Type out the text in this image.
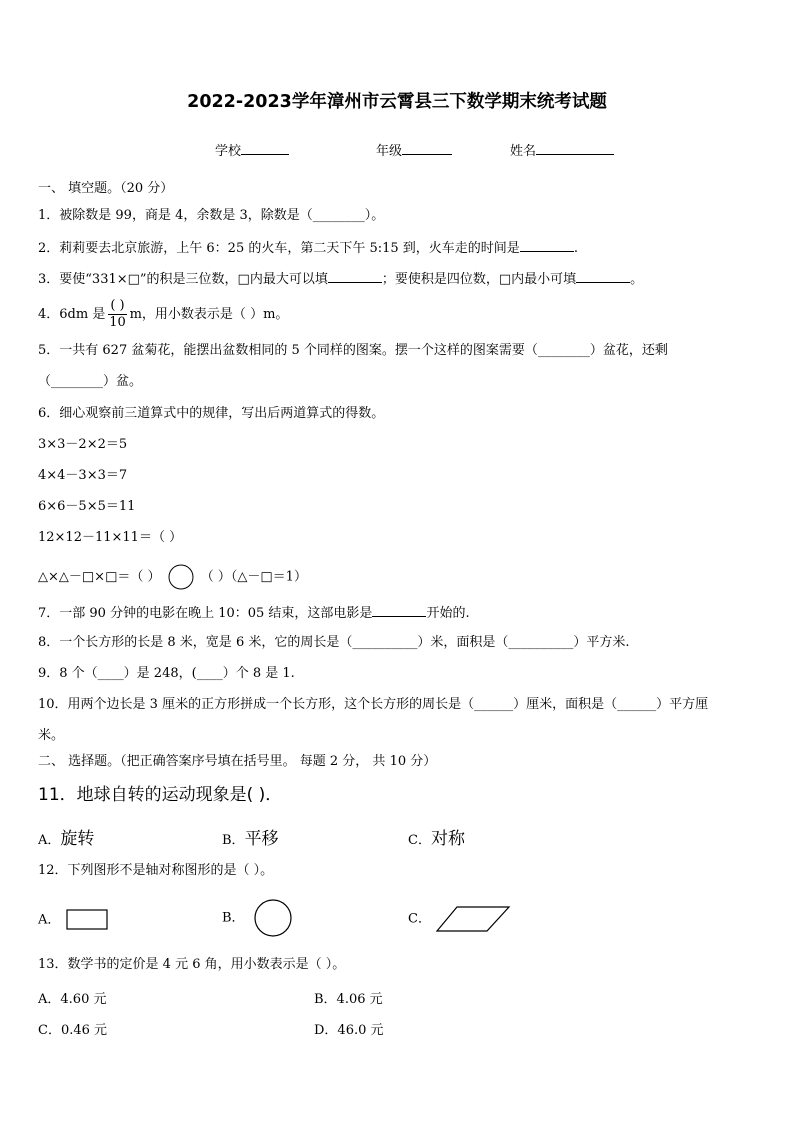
2022-2023学年漳州市云霄县三下数学期末统考试题
学校	年级	姓名
一、 填空题。（20 分）
1．被除数是 99，商是 4，余数是 3，除数是（________）。
2．莉莉要去北京旅游，上午 6：25 的火车，第二天下午 5:15 到，火车走的时间是	.
3．要使“331×□”的积是三位数，□内最大可以填	；要使积是四位数，□内最小可填	。
4．6dm 是 $\frac{( )}{10}$ m，用小数表示是（ ）m。
5．一共有 627 盆菊花，能摆出盆数相同的 5 个同样的图案。摆一个这样的图案需要（________）盆花，还剩
（________）盆。
6．细心观察前三道算式中的规律，写出后两道算式的得数。
3×3－2×2＝5
4×4－3×3＝7
6×6－5×5＝11
12×12－11×11＝（ ）
△×△－□×□＝（ ）	（ ）（△－□＝1）
7．一部 90 分钟的电影在晚上 10：05 结束，这部电影是	开始的.
8．一个长方形的长是 8 米，宽是 6 米，它的周长是（__________）米，面积是（__________）平方米.
9．8 个（____）是 248，(____）个 8 是 1.
10．用两个边长是 3 厘米的正方形拼成一个长方形，这个长方形的周长是（______）厘米，面积是（______）平方厘
米。
二、 选择题。（把正确答案序号填在括号里。 每题 2 分， 共 10 分）
11．地球自转的运动现象是( )．
A．旋转	B．平移	C．对称
12．下列图形不是轴对称图形的是（ ）。
A．	B．	C．
13．数学书的定价是 4 元 6 角，用小数表示是（ ）。
A．4.60 元	B．4.06 元
C．0.46 元	D．46.0 元
